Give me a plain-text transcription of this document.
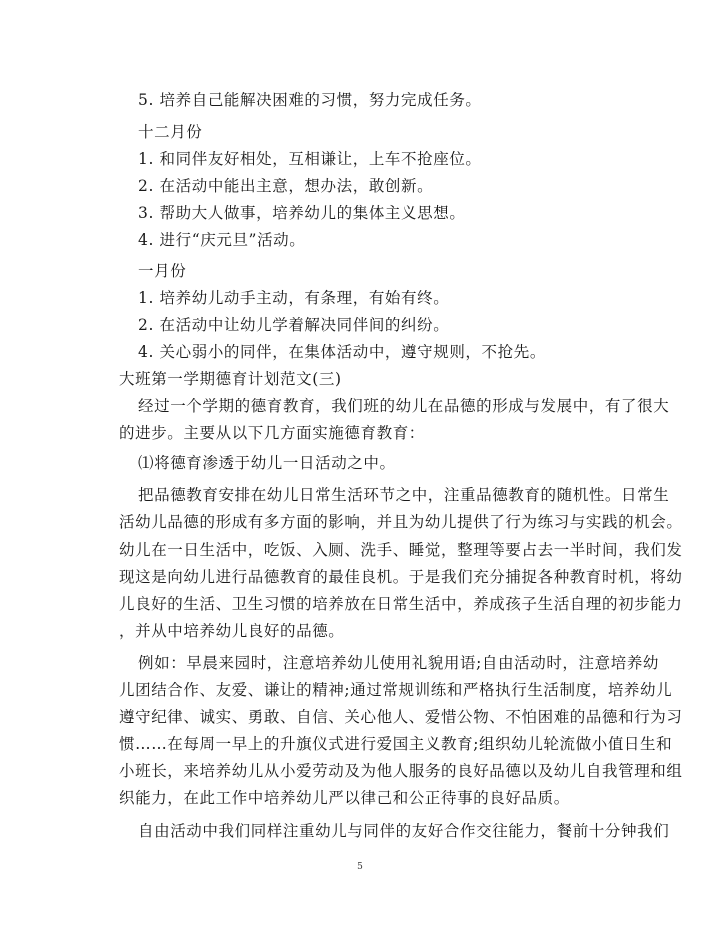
5. 培养自己能解决困难的习惯，努力完成任务。
十二月份
1. 和同伴友好相处，互相谦让，上车不抢座位。
2. 在活动中能出主意，想办法，敢创新。
3. 帮助大人做事，培养幼儿的集体主义思想。
4. 进行“庆元旦”活动。
一月份
1. 培养幼儿动手主动，有条理，有始有终。
2. 在活动中让幼儿学着解决同伴间的纠纷。
4. 关心弱小的同伴，在集体活动中，遵守规则，不抢先。
大班第一学期德育计划范文(三)
经过一个学期的德育教育，我们班的幼儿在品德的形成与发展中，有了很大
的进步。主要从以下几方面实施德育教育：
⑴将德育渗透于幼儿一日活动之中。
把品德教育安排在幼儿日常生活环节之中，注重品德教育的随机性。日常生
活幼儿品德的形成有多方面的影响，并且为幼儿提供了行为练习与实践的机会。
幼儿在一日生活中，吃饭、入厕、洗手、睡觉，整理等要占去一半时间，我们发
现这是向幼儿进行品德教育的最佳良机。于是我们充分捕捉各种教育时机，将幼
儿良好的生活、卫生习惯的培养放在日常生活中，养成孩子生活自理的初步能力
，并从中培养幼儿良好的品德。
例如：早晨来园时，注意培养幼儿使用礼貌用语;自由活动时，注意培养幼
儿团结合作、友爱、谦让的精神;通过常规训练和严格执行生活制度，培养幼儿
遵守纪律、诚实、勇敢、自信、关心他人、爱惜公物、不怕困难的品德和行为习
惯……在每周一早上的升旗仪式进行爱国主义教育;组织幼儿轮流做小值日生和
小班长，来培养幼儿从小爱劳动及为他人服务的良好品德以及幼儿自我管理和组
织能力，在此工作中培养幼儿严以律己和公正待事的良好品质。
自由活动中我们同样注重幼儿与同伴的友好合作交往能力，餐前十分钟我们
5
